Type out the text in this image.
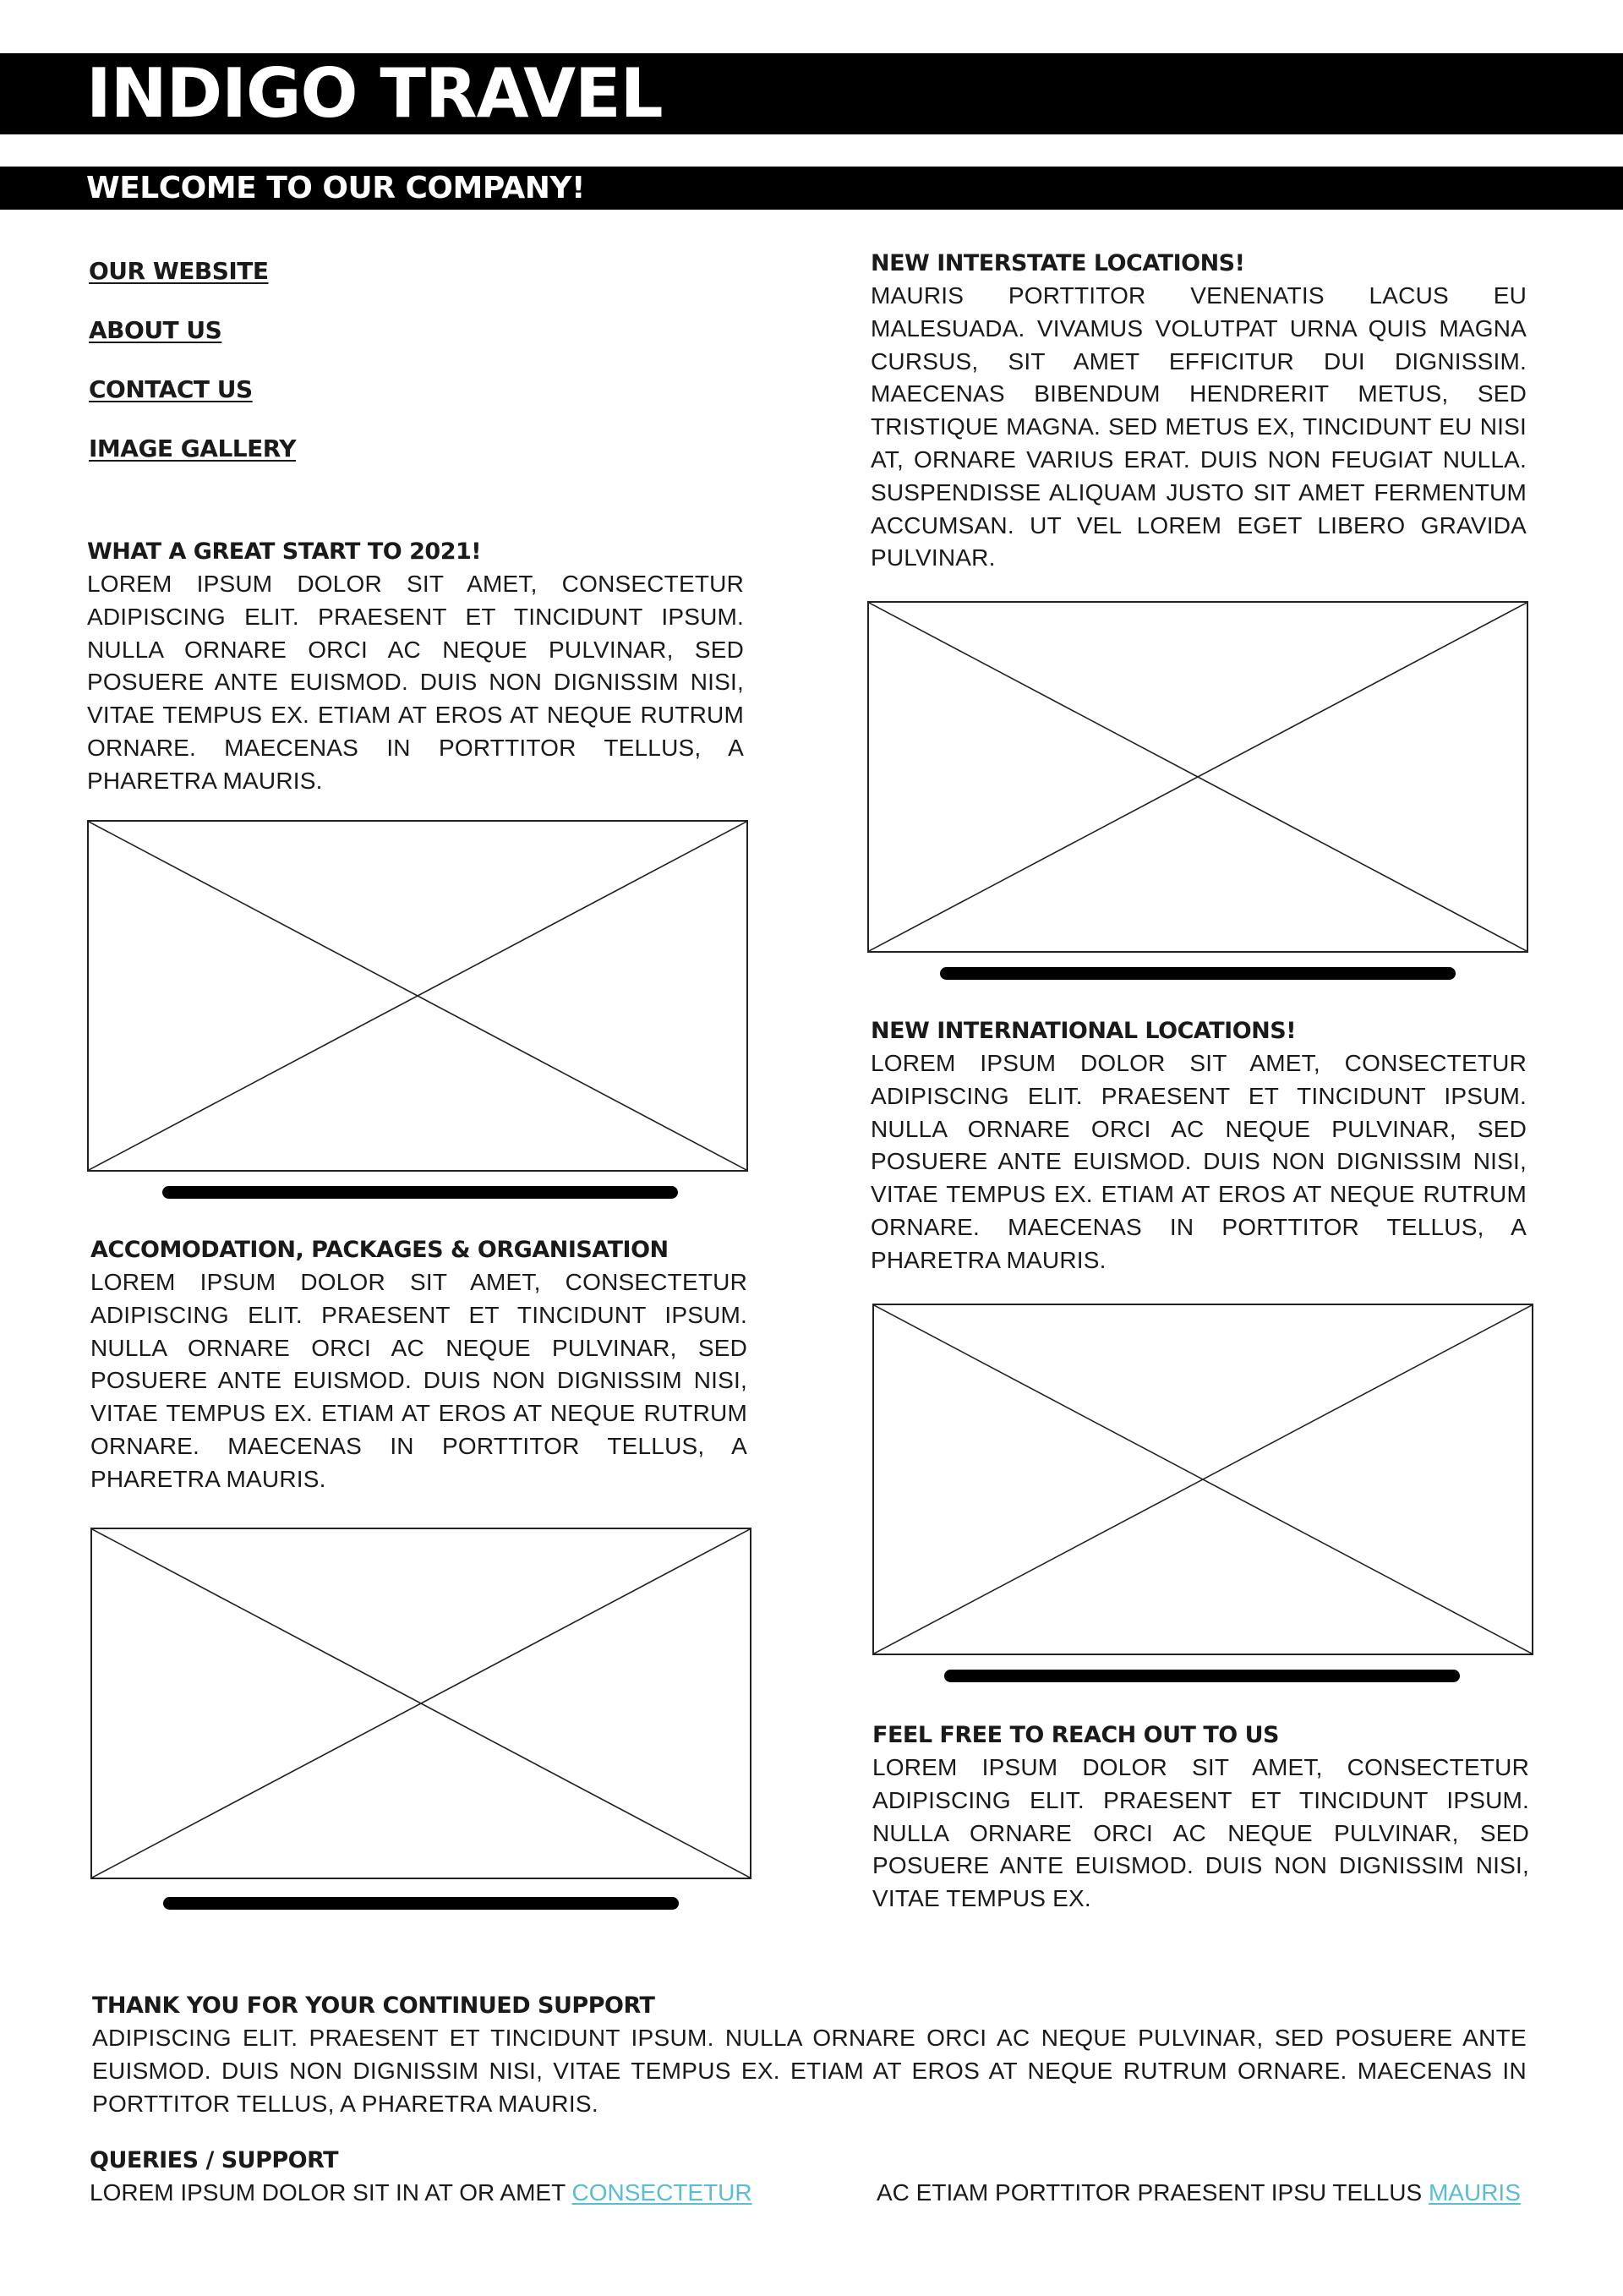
INDIGO TRAVEL
WELCOME TO OUR COMPANY!
OUR WEBSITE
ABOUT US
CONTACT US
IMAGE GALLERY
WHAT A GREAT START TO 2021!

LOREM IPSUM DOLOR SIT AMET, CONSECTETUR ADIPISCING ELIT. PRAESENT ET TINCIDUNT IPSUM. NULLA ORNARE ORCI AC NEQUE PULVINAR, SED POSUERE ANTE EUISMOD. DUIS NON DIGNISSIM NISI, VITAE TEMPUS EX. ETIAM AT EROS AT NEQUE RUTRUM ORNARE. MAECENAS IN PORTTITOR TELLUS, A PHARETRA MAURIS.

ACCOMODATION, PACKAGES & ORGANISATION

LOREM IPSUM DOLOR SIT AMET, CONSECTETUR ADIPISCING ELIT. PRAESENT ET TINCIDUNT IPSUM. NULLA ORNARE ORCI AC NEQUE PULVINAR, SED POSUERE ANTE EUISMOD. DUIS NON DIGNISSIM NISI, VITAE TEMPUS EX. ETIAM AT EROS AT NEQUE RUTRUM ORNARE. MAECENAS IN PORTTITOR TELLUS, A PHARETRA MAURIS.

NEW INTERSTATE LOCATIONS!

MAURIS PORTTITOR VENENATIS LACUS EU MALESUADA. VIVAMUS VOLUTPAT URNA QUIS MAGNA CURSUS, SIT AMET EFFICITUR DUI DIGNISSIM. MAECENAS BIBENDUM HENDRERIT METUS, SED TRISTIQUE MAGNA. SED METUS EX, TINCIDUNT EU NISI AT, ORNARE VARIUS ERAT. DUIS NON FEUGIAT NULLA. SUSPENDISSE ALIQUAM JUSTO SIT AMET FERMENTUM ACCUMSAN. UT VEL LOREM EGET LIBERO GRAVIDA PULVINAR.

NEW INTERNATIONAL LOCATIONS!

LOREM IPSUM DOLOR SIT AMET, CONSECTETUR ADIPISCING ELIT. PRAESENT ET TINCIDUNT IPSUM. NULLA ORNARE ORCI AC NEQUE PULVINAR, SED POSUERE ANTE EUISMOD. DUIS NON DIGNISSIM NISI, VITAE TEMPUS EX. ETIAM AT EROS AT NEQUE RUTRUM ORNARE. MAECENAS IN PORTTITOR TELLUS, A PHARETRA MAURIS.

FEEL FREE TO REACH OUT TO US

LOREM IPSUM DOLOR SIT AMET, CONSECTETUR ADIPISCING ELIT. PRAESENT ET TINCIDUNT IPSUM. NULLA ORNARE ORCI AC NEQUE PULVINAR, SED POSUERE ANTE EUISMOD. DUIS NON DIGNISSIM NISI, VITAE TEMPUS EX.

THANK YOU FOR YOUR CONTINUED SUPPORT

ADIPISCING ELIT. PRAESENT ET TINCIDUNT IPSUM. NULLA ORNARE ORCI AC NEQUE PULVINAR, SED POSUERE ANTE EUISMOD. DUIS NON DIGNISSIM NISI, VITAE TEMPUS EX. ETIAM AT EROS AT NEQUE RUTRUM ORNARE. MAECENAS IN PORTTITOR TELLUS, A PHARETRA MAURIS.

QUERIES / SUPPORT
LOREM IPSUM DOLOR SIT IN AT OR AMET CONSECTETUR	AC ETIAM PORTTITOR PRAESENT IPSU TELLUS MAURIS
